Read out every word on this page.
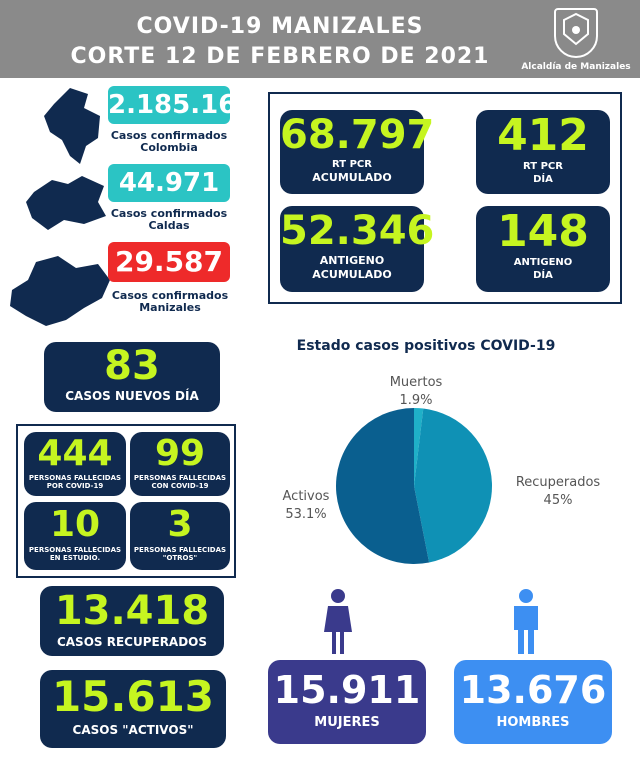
COVID-19 MANIZALES
CORTE 12 DE FEBRERO DE 2021	Alcaldía de Manizales
2.185.169
Casos confirmados Colombia
44.971
Casos confirmados Caldas
29.587
Casos confirmados Manizales
68.797
RT PCR
ACUMULADO
412
RT PCR
DÍA
52.346
ANTIGENO
ACUMULADO
148
ANTIGENO
DÍA
83
CASOS NUEVOS DÍA
444
PERSONAS FALLECIDAS
POR COVID-19
99
PERSONAS FALLECIDAS
CON COVID-19
10
PERSONAS FALLECIDAS
EN ESTUDIO.
3
PERSONAS FALLECIDAS
"OTROS"
13.418
CASOS RECUPERADOS
15.613
CASOS "ACTIVOS"
Estado casos positivos COVID-19
Muertos
1.9%
Recuperados
45%
Activos
53.1%
15.911
MUJERES
13.676
HOMBRES
